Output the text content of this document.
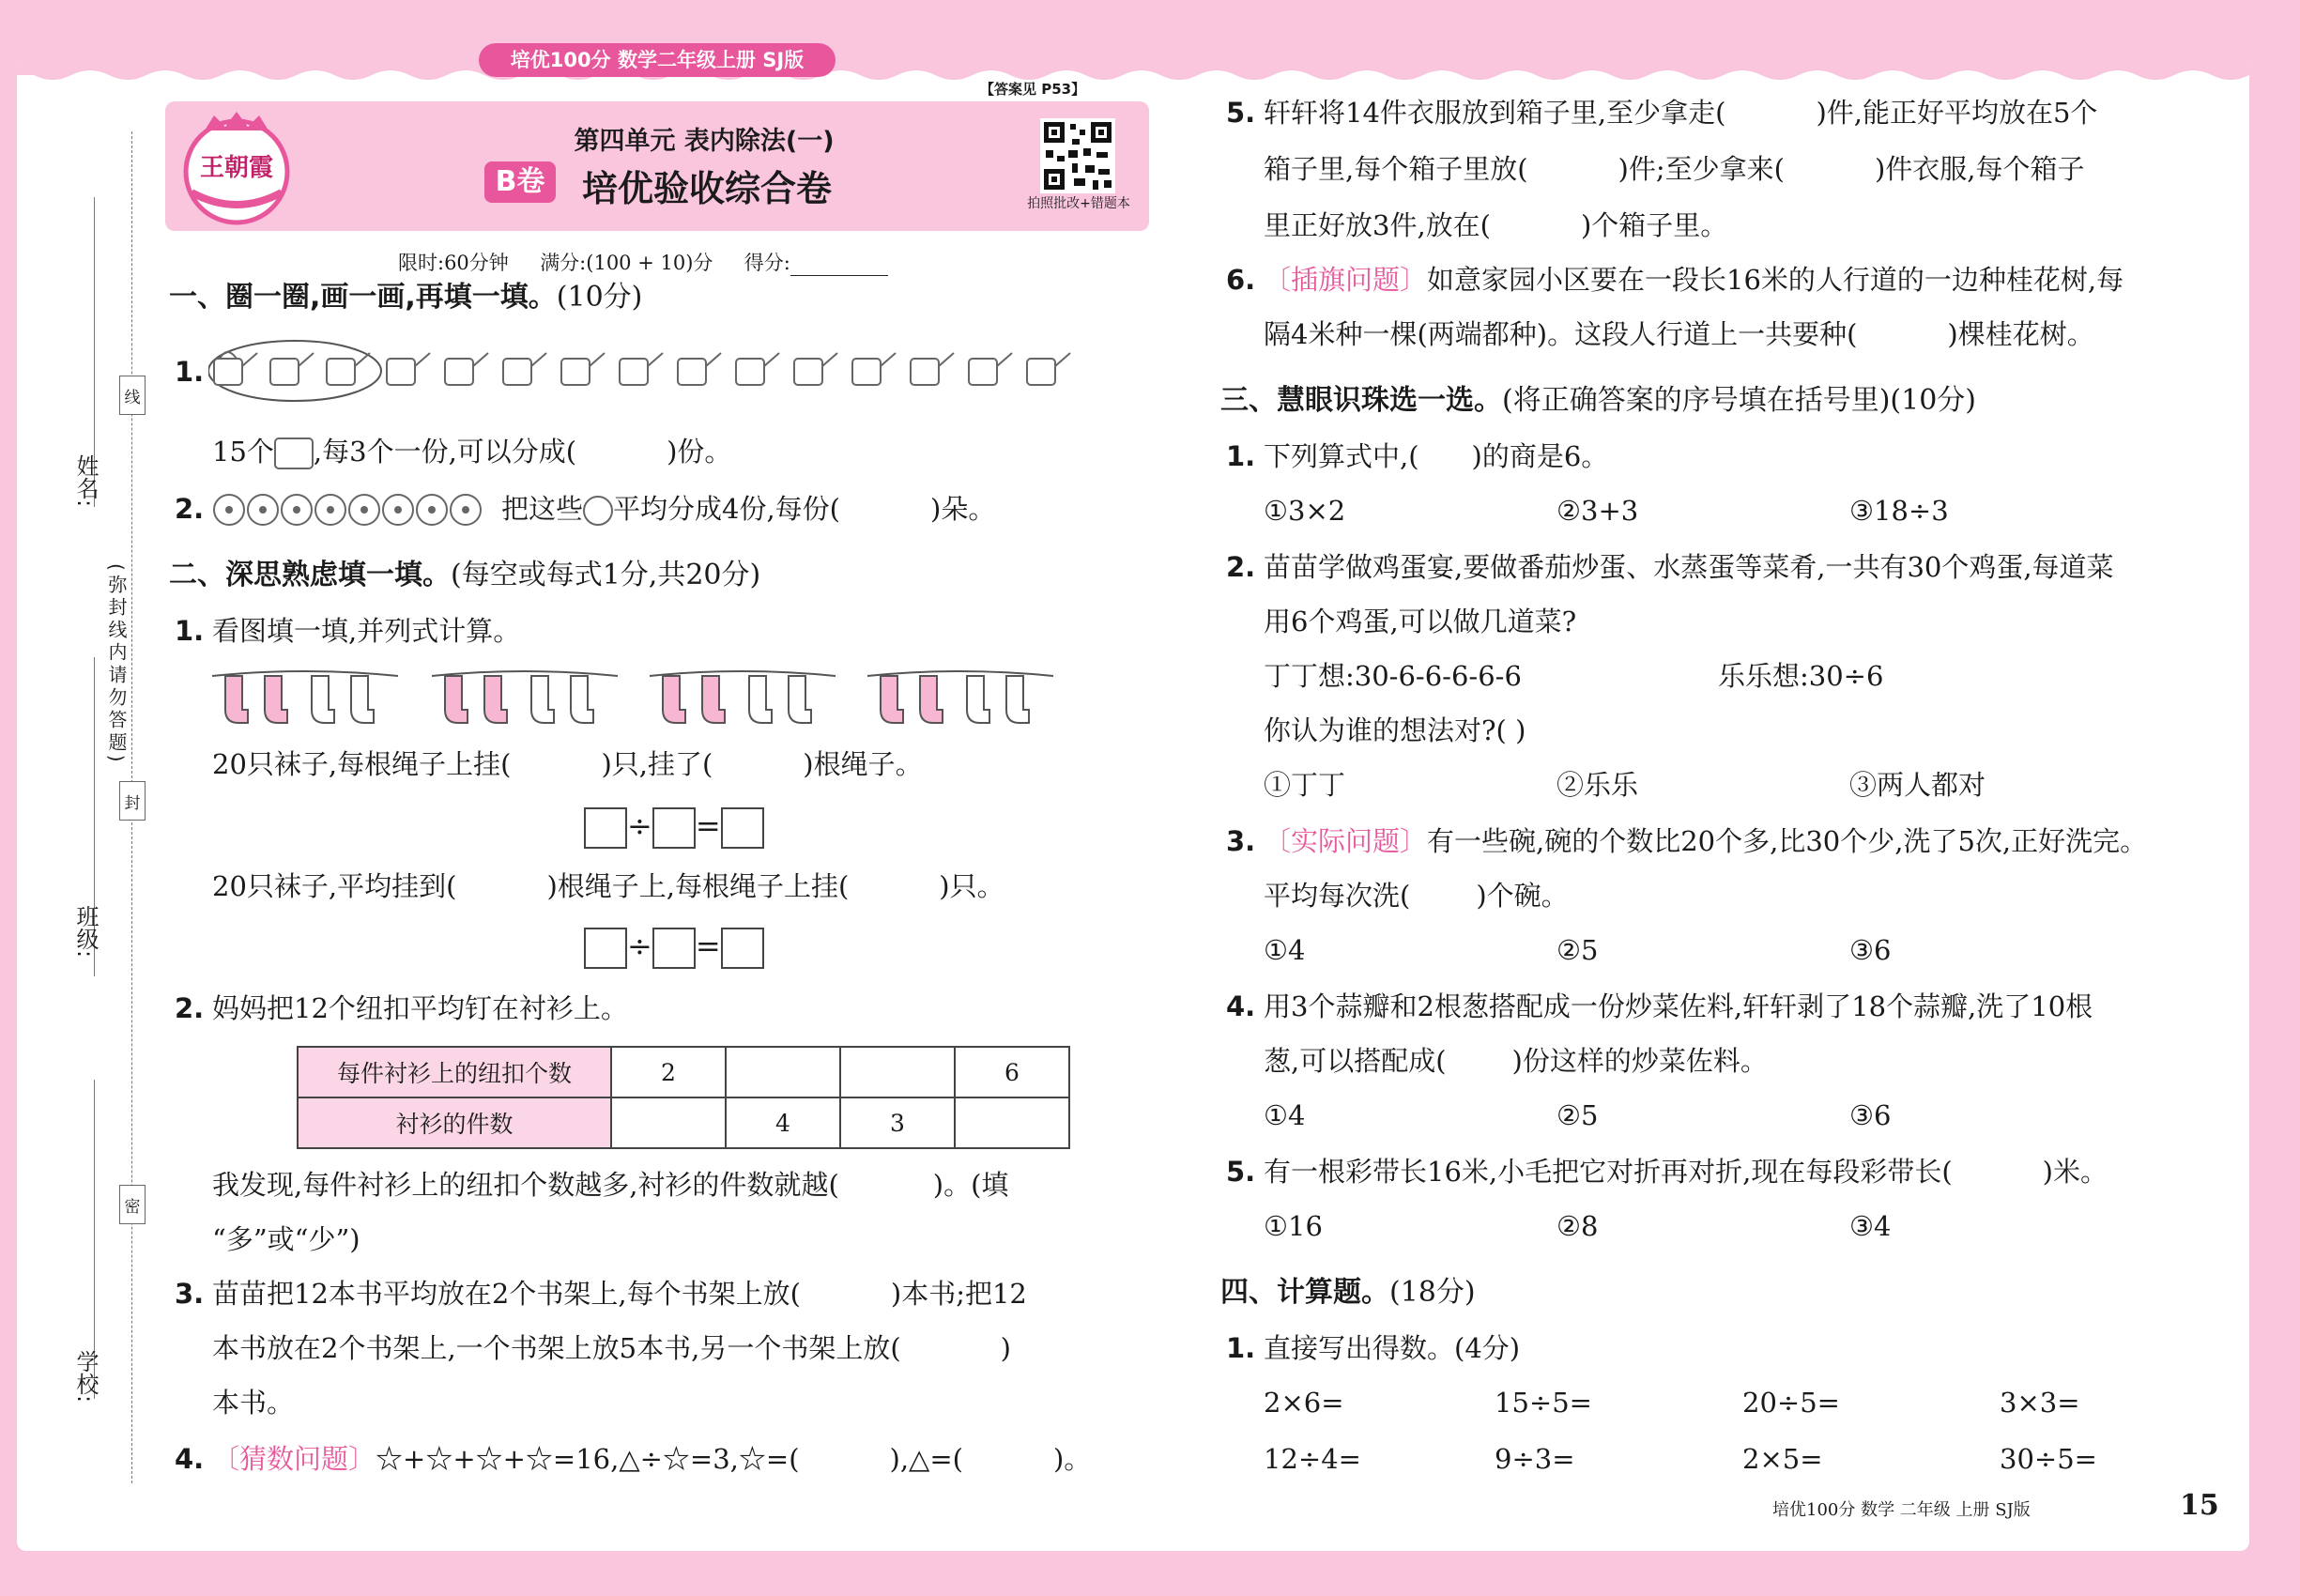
培优100分 数学二年级上册 SJ版
【答案见 P53】
王朝霞
第四单元 表内除法(一)
B卷	培优验收综合卷	拍照批改+错题本
限时:60分钟 满分:(100 + 10)分 得分:
姓名:
班级:
学校:
线
封
密
(弥封线内请勿答题)
一、圈一圈,画一画,再填一填。(10分)
1.
15个 ,每3个一份,可以分成(	)份。
2.	把这些 平均分成4份,每份(	)朵。
二、深思熟虑填一填。(每空或每式1分,共20分)
1. 看图填一填,并列式计算。
20只袜子,每根绳子上挂(	)只,挂了(	)根绳子。
÷ =
20只袜子,平均挂到(	)根绳子上,每根绳子上挂(	)只。
÷ =
2. 妈妈把12个纽扣平均钉在衬衫上。
每件衬衫上的纽扣个数	2			6
衬衫的件数		4	3	
我发现,每件衬衫上的纽扣个数越多,衬衫的件数就越(	)。(填
“多”或“少”)
3. 苗苗把12本书平均放在2个书架上,每个书架上放(	)本书;把12
本书放在2个书架上,一个书架上放5本书,另一个书架上放(	)
本书。
4. 〔猜数问题〕☆+☆+☆+☆=16,△÷☆=3,☆=(	),△=(	)。
5. 轩轩将14件衣服放到箱子里,至少拿走(	)件,能正好平均放在5个
箱子里,每个箱子里放(	)件;至少拿来(	)件衣服,每个箱子
里正好放3件,放在(	)个箱子里。
6. 〔插旗问题〕如意家园小区要在一段长16米的人行道的一边种桂花树,每
隔4米种一棵(两端都种)。这段人行道上一共要种(	)棵桂花树。
三、慧眼识珠选一选。(将正确答案的序号填在括号里)(10分)
1. 下列算式中,( )的商是6。
①3×2	②3+3	③18÷3
2. 苗苗学做鸡蛋宴,要做番茄炒蛋、水蒸蛋等菜肴,一共有30个鸡蛋,每道菜
用6个鸡蛋,可以做几道菜?
丁丁想:30-6-6-6-6-6	乐乐想:30÷6
你认为谁的想法对?( )
①丁丁	②乐乐	③两人都对
3. 〔实际问题〕有一些碗,碗的个数比20个多,比30个少,洗了5次,正好洗完。
平均每次洗( )个碗。
①4	②5	③6
4. 用3个蒜瓣和2根葱搭配成一份炒菜佐料,轩轩剥了18个蒜瓣,洗了10根
葱,可以搭配成( )份这样的炒菜佐料。
①4	②5	③6
5. 有一根彩带长16米,小毛把它对折再对折,现在每段彩带长(	)米。
①16	②8	③4
四、计算题。(18分)
1. 直接写出得数。(4分)
2×6=	15÷5=	20÷5=	3×3=
12÷4=	9÷3=	2×5=	30÷5=
培优100分 数学 二年级 上册 SJ版	15
